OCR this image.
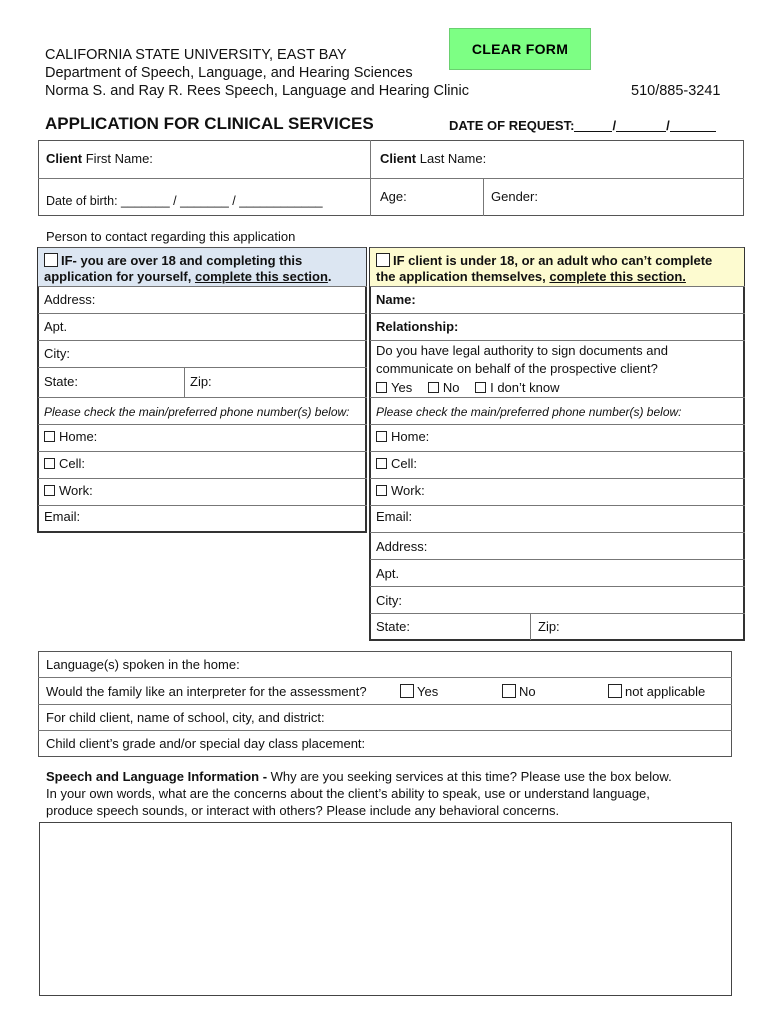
CALIFORNIA STATE UNIVERSITY, EAST BAY
Department of Speech, Language, and Hearing Sciences
Norma S. and Ray R. Rees Speech, Language and Hearing Clinic	510/885-3241
CLEAR FORM
APPLICATION FOR CLINICAL SERVICES	DATE OF REQUEST:	/	/
Client First Name:	Client Last Name:
Date of birth: _______ / _______ / ____________	Age:	Gender:
Person to contact regarding this application
IF- you are over 18 and completing this
application for yourself, complete this section.
Address:
Apt.
City:
State:	Zip:
Please check the main/preferred phone number(s) below:
Home:
Cell:
Work:
Email:
IF client is under 18, or an adult who can’t complete
the application themselves, complete this section.
Name:
Relationship:
Do you have legal authority to sign documents and
communicate on behalf of the prospective client?
Yes No I don’t know
Please check the main/preferred phone number(s) below:
Home:
Cell:
Work:
Email:
Address:
Apt.
City:
State:	Zip:
Language(s) spoken in the home:
Would the family like an interpreter for the assessment?	Yes	No	not applicable
For child client, name of school, city, and district:
Child client’s grade and/or special day class placement:
Speech and Language Information - Why are you seeking services at this time? Please use the box below.
In your own words, what are the concerns about the client’s ability to speak, use or understand language,
produce speech sounds, or interact with others? Please include any behavioral concerns.
